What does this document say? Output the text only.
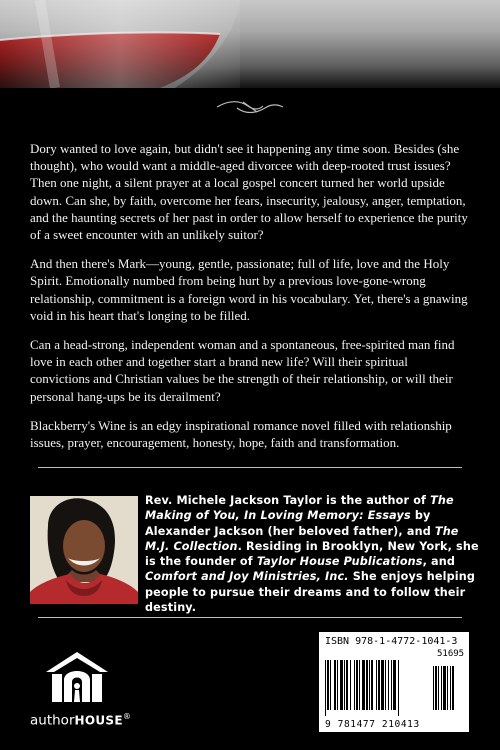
Dory wanted to love again, but didn't see it happening any time soon. Besides (she thought), who would want a middle-aged divorcee with deep-rooted trust issues? Then one night, a silent prayer at a local gospel concert turned her world upside down. Can she, by faith, overcome her fears, insecurity, jealousy, anger, temptation, and the haunting secrets of her past in order to allow herself to experience the purity of a sweet encounter with an unlikely suitor?

And then there's Mark—young, gentle, passionate; full of life, love and the Holy Spirit. Emotionally numbed from being hurt by a previous love-gone-wrong relationship, commitment is a foreign word in his vocabulary. Yet, there's a gnawing void in his heart that's longing to be filled.

Can a head-strong, independent woman and a spontaneous, free-spirited man find love in each other and together start a brand new life? Will their spiritual convictions and Christian values be the strength of their relationship, or will their personal hang-ups be its derailment?

Blackberry's Wine is an edgy inspirational romance novel filled with relationship issues, prayer, encouragement, honesty, hope, faith and transformation.

Rev. Michele Jackson Taylor is the author of The Making of You, In Loving Memory: Essays by Alexander Jackson (her beloved father), and The M.J. Collection. Residing in Brooklyn, New York, she is the founder of Taylor House Publications, and Comfort and Joy Ministries, Inc. She enjoys helping people to pursue their dreams and to follow their destiny.
authorHOUSE®
ISBN 978-1-4772-1041-3
51695
9 781477 210413
